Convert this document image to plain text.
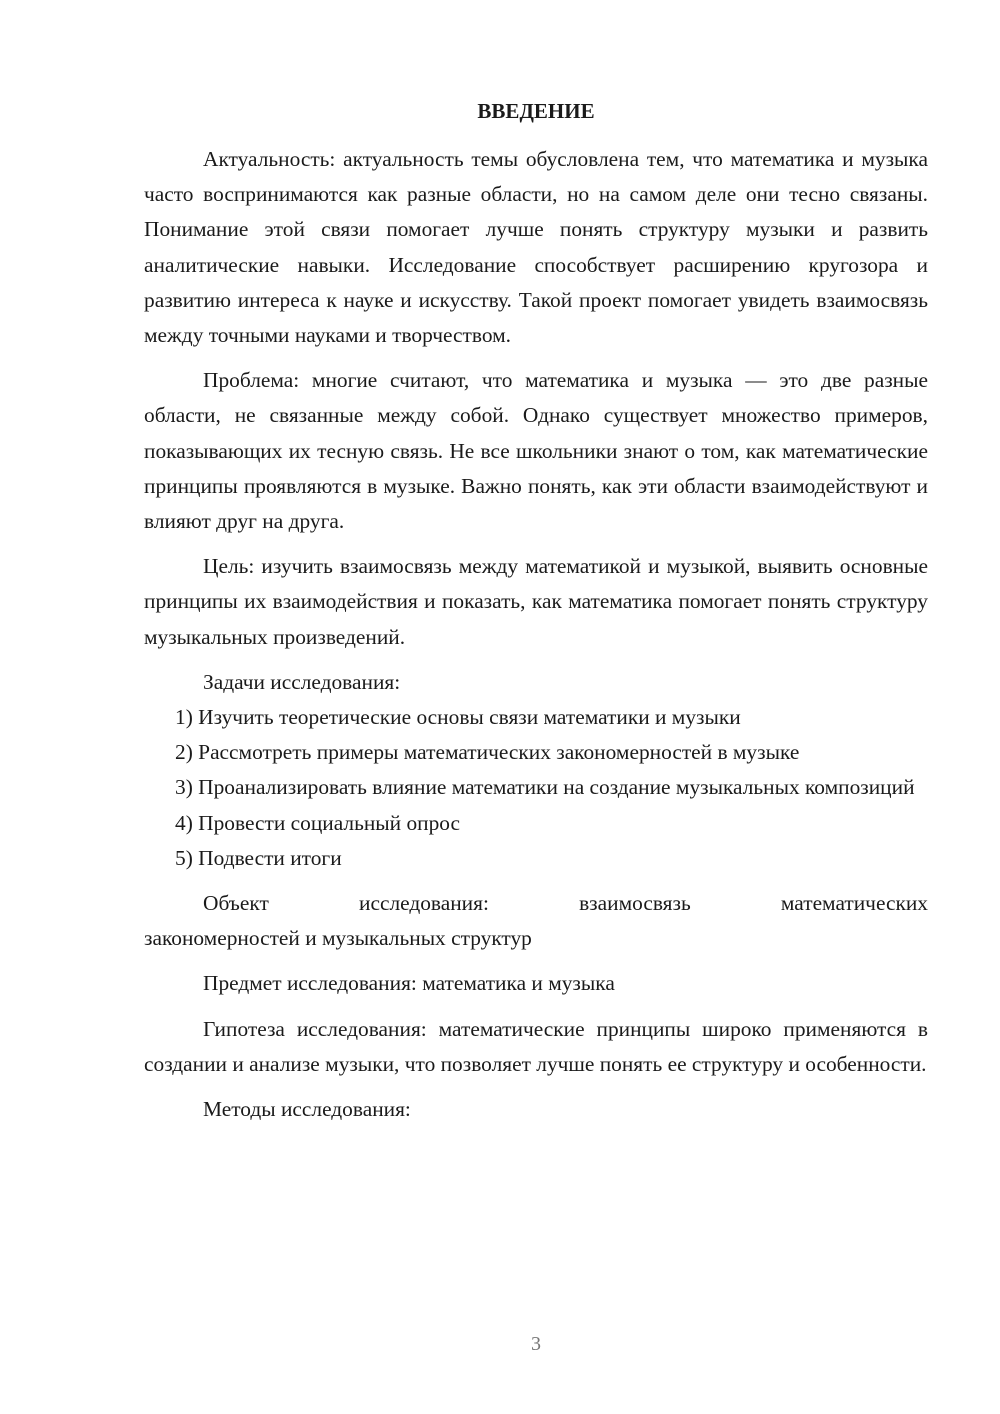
ВВЕДЕНИЕ

Актуальность: актуальность темы обусловлена тем, что математика и музыка часто воспринимаются как разные области, но на самом деле они тесно связаны. Понимание этой связи помогает лучше понять структуру музыки и развить аналитические навыки. Исследование способствует расширению кругозора и развитию интереса к науке и искусству. Такой проект помогает увидеть взаимосвязь между точными науками и творчеством.

Проблема: многие считают, что математика и музыка — это две разные области, не связанные между собой. Однако существует множество примеров, показывающих их тесную связь. Не все школьники знают о том, как математические принципы проявляются в музыке. Важно понять, как эти области взаимодействуют и влияют друг на друга.

Цель: изучить взаимосвязь между математикой и музыкой, выявить основные принципы их взаимодействия и показать, как математика помогает понять структуру музыкальных произведений.

Задачи исследования:

1) Изучить теоретические основы связи математики и музыки

2) Рассмотреть примеры математических закономерностей в музыке

3) Проанализировать влияние математики на создание музыкальных композиций

4) Провести социальный опрос

5) Подвести итоги

Объект исследования: взаимосвязь математических

закономерностей и музыкальных структур

Предмет исследования: математика и музыка

Гипотеза исследования: математические принципы широко применяются в создании и анализе музыки, что позволяет лучше понять ее структуру и особенности.

Методы исследования:

3
